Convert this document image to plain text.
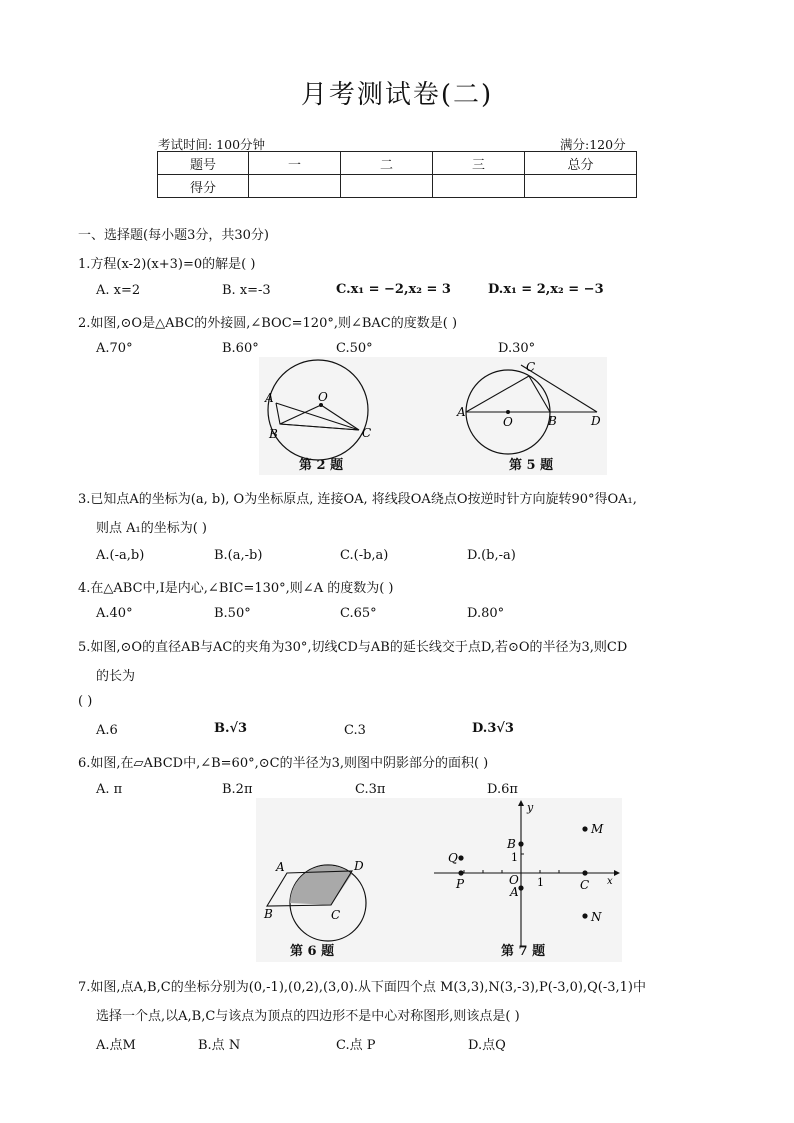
月考测试卷(二)
考试时间: 100分钟	满分:120分
题号	一	二	三	总分
得分				
一、选择题(每小题3分，共30分)
1.方程(x-2)(x+3)=0的解是( )
A. x=2	B. x=-3	C.x₁ = −2,x₂ = 3	D.x₁ = 2,x₂ = −3
2.如图,⊙O是△ABC的外接圆,∠BOC=120°,则∠BAC的度数是( )
A.70°	B.60°	C.50°	D.30°
A	O
B	C
第 2 题
C
A
O	B	D
第 5 题
3.已知点A的坐标为(a, b), O为坐标原点, 连接OA, 将线段OA绕点O按逆时针方向旋转90°得OA₁,
则点 A₁的坐标为( )
A.(-a,b)	B.(a,-b)	C.(-b,a)	D.(b,-a)
4.在△ABC中,I是内心,∠BIC=130°,则∠A 的度数为( )
A.40°	B.50°	C.65°	D.80°
5.如图,⊙O的直径AB与AC的夹角为30°,切线CD与AB的延长线交于点D,若⊙O的半径为3,则CD
的长为
( )
A.6	B.√3	C.3	D.3√3
6.如图,在▱ABCD中,∠B=60°,⊙C的半径为3,则图中阴影部分的面积( )
A. π	B.2π	C.3π	D.6π
A	D
B	C
第 6 题
y
M
B
1
Q
O 1
P
A	C x
N
第 7 题
7.如图,点A,B,C的坐标分别为(0,-1),(0,2),(3,0).从下面四个点 M(3,3),N(3,-3),P(-3,0),Q(-3,1)中
选择一个点,以A,B,C与该点为顶点的四边形不是中心对称图形,则该点是( )
A.点M	B.点 N	C.点 P	D.点Q
